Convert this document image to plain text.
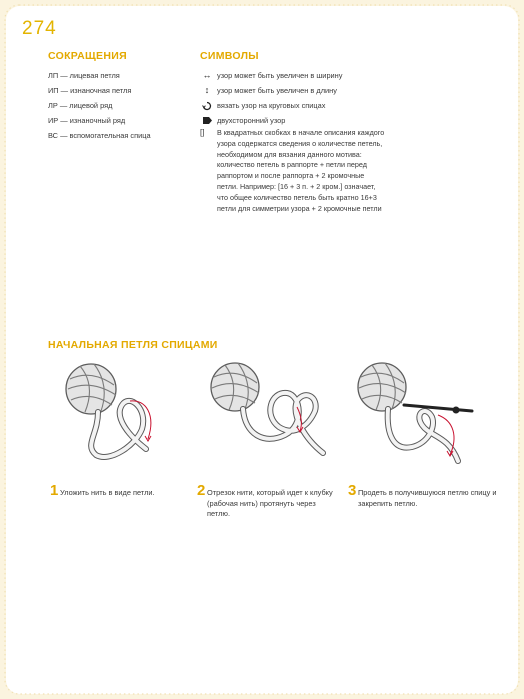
274
СОКРАЩЕНИЯ
ЛП — лицевая петля
ИП — изнаночная петля
ЛР — лицевой ряд
ИР — изнаночный ряд
ВС — вспомогательная спица
СИМВОЛЫ
↔ узор может быть увеличен в ширину
↕	узор может быть увеличен в длину
вязать узор на круговых спицах
двухсторонний узор
[] В квадратных скобках в начале описания каждого узора содержатся сведения о количестве петель, необходимом для вязания данного мотива: количество петель в раппорте + петли перед раппортом и после раппорта + 2 кромочные петли. Например: [16 + 3 п. + 2 кром.] означает, что общее количество петель быть кратно 16+3 петли для симметрии узора + 2 кромочные петли

НАЧАЛЬНАЯ ПЕТЛЯ СПИЦАМИ
1 Уложить нить в виде петли.	2 Отрезок нити, который идет к клубку (рабочая нить) протянуть через петлю.
3 Продеть в получившуюся петлю спицу и закрепить петлю.
